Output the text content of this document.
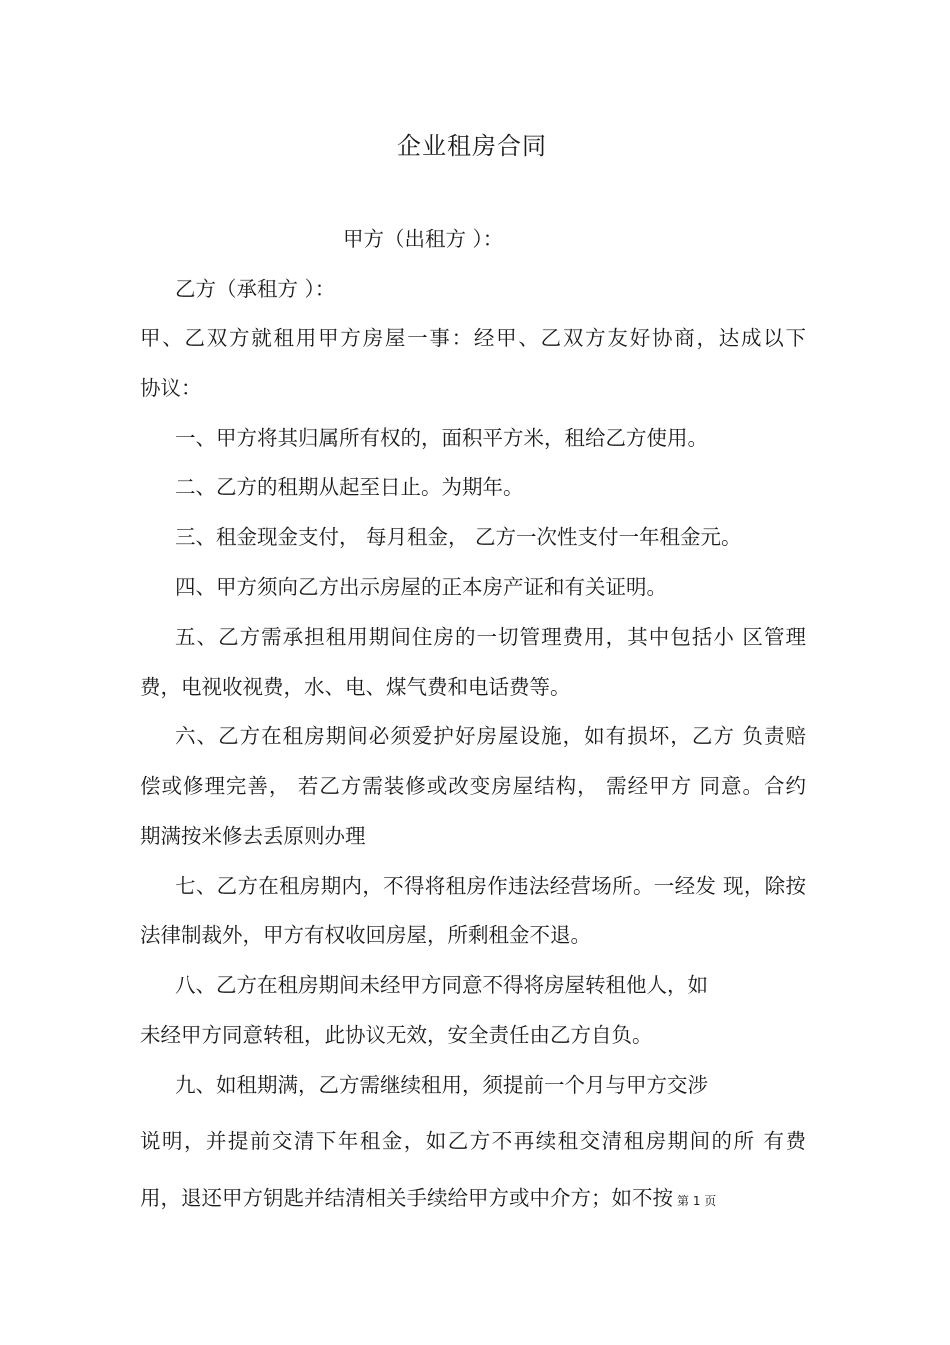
企业租房合同
甲方（出租方 ）：
乙方（承租方 ）：
甲、乙双方就租用甲方房屋一事：经甲、乙双方友好协商，达成以下
协议：
一、甲方将其归属所有权的，面积平方米，租给乙方使用。
二、乙方的租期从起至日止。为期年。
三、租金现金支付， 每月租金， 乙方一次性支付一年租金元。
四、甲方须向乙方出示房屋的正本房产证和有关证明。
五、乙方需承担租用期间住房的一切管理费用，其中包括小 区管理
费，电视收视费，水、电、煤气费和电话费等。
六、乙方在租房期间必须爱护好房屋设施，如有损坏，乙方 负责赔
偿或修理完善， 若乙方需装修或改变房屋结构， 需经甲方 同意。合约
期满按米修去丢原则办理
七、乙方在租房期内，不得将租房作违法经营场所。一经发 现，除按
法律制裁外，甲方有权收回房屋，所剩租金不退。
八、乙方在租房期间未经甲方同意不得将房屋转租他人，如
未经甲方同意转租，此协议无效，安全责任由乙方自负。
九、如租期满，乙方需继续租用，须提前一个月与甲方交涉
说明，并提前交清下年租金，如乙方不再续租交清租房期间的所 有费
用，退还甲方钥匙并结清相关手续给甲方或中介方；如不按 第 1 页
